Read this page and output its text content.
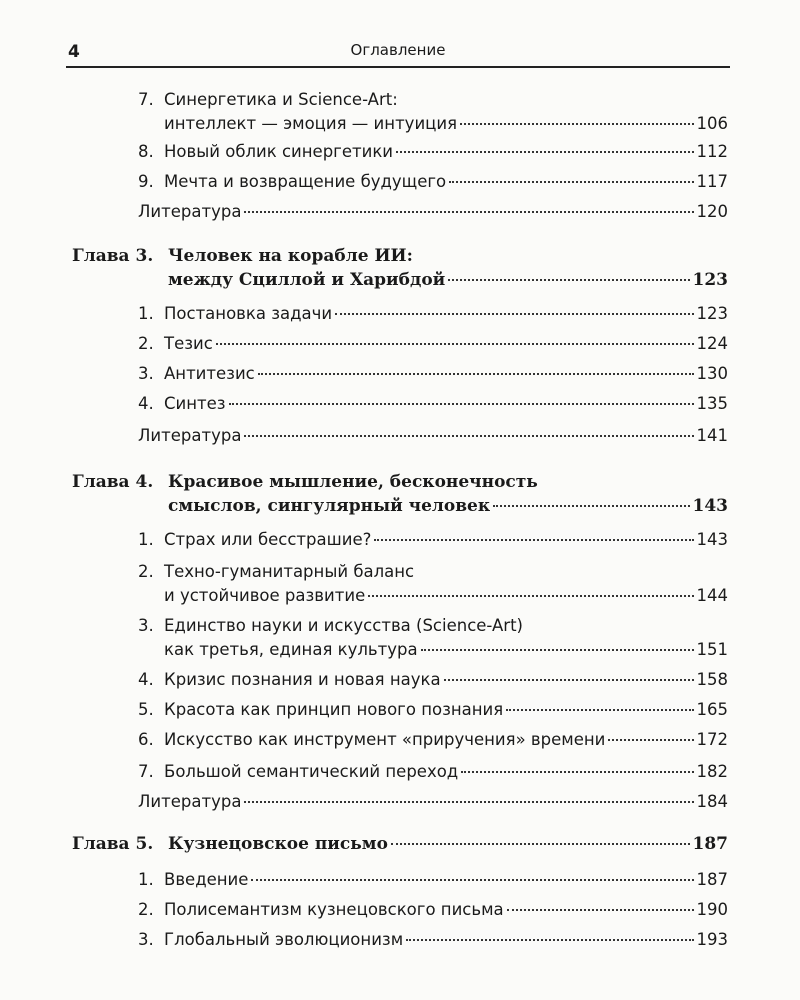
4	Оглавление
7. Синергетика и Science-Art:
интеллект — эмоция — интуиция	106
8. Новый облик синергетики	112
9. Мечта и возвращение будущего	117
Литература	120
Глава 3. Человек на корабле ИИ:
между Сциллой и Харибдой	123
1. Постановка задачи	123
2. Тезис	124
3. Антитезис	130
4. Синтез	135
Литература	141
Глава 4. Красивое мышление, бесконечность
смыслов, сингулярный человек	143
1. Страх или бесстрашие?	143
2. Техно-гуманитарный баланс
и устойчивое развитие	144
3. Единство науки и искусства (Science-Art)
как третья, единая культура	151
4. Кризис познания и новая наука	158
5. Красота как принцип нового познания	165
6. Искусство как инструмент «приручения» времени	172
7. Большой семантический переход	182
Литература	184
Глава 5. Кузнецовское письмо	187
1. Введение	187
2. Полисемантизм кузнецовского письма	190
3. Глобальный эволюционизм	193
